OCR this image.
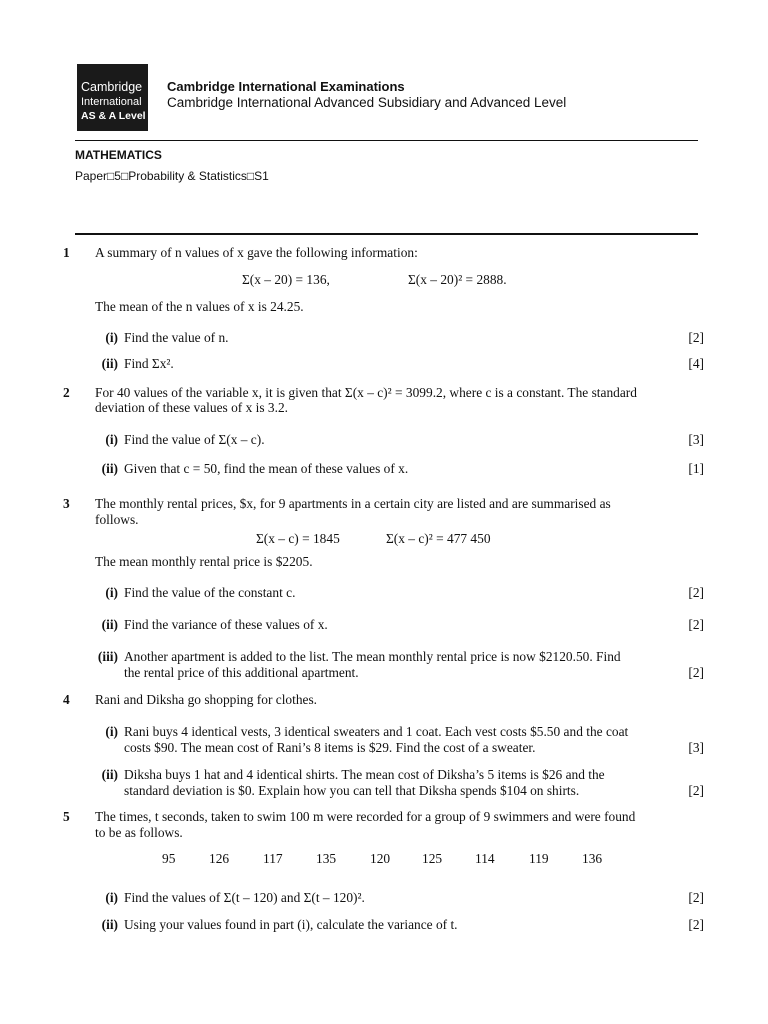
Cambridge
International
AS & A Level
Cambridge International Examinations
Cambridge International Advanced Subsidiary and Advanced Level
MATHEMATICS
Paper□5□Probability & Statistics□S1
1 A summary of n values of x gave the following information:
Σ(x – 20) = 136,	Σ(x – 20)² = 2888.
The mean of the n values of x is 24.25.
(i) Find the value of n.	[2]
(ii) Find Σx².	[4]
2 For 40 values of the variable x, it is given that Σ(x – c)² = 3099.2, where c is a constant. The standard
deviation of these values of x is 3.2.
(i) Find the value of Σ(x – c).	[3]
(ii) Given that c = 50, find the mean of these values of x.	[1]
3 The monthly rental prices, $x, for 9 apartments in a certain city are listed and are summarised as
follows.
Σ(x – c) = 1845	Σ(x – c)² = 477 450
The mean monthly rental price is $2205.
(i) Find the value of the constant c.	[2]
(ii) Find the variance of these values of x.	[2]
(iii) Another apartment is added to the list. The mean monthly rental price is now $2120.50. Find
the rental price of this additional apartment.	[2]
4 Rani and Diksha go shopping for clothes.
(i) Rani buys 4 identical vests, 3 identical sweaters and 1 coat. Each vest costs $5.50 and the coat
costs $90. The mean cost of Rani’s 8 items is $29. Find the cost of a sweater.	[3]
(ii) Diksha buys 1 hat and 4 identical shirts. The mean cost of Diksha’s 5 items is $26 and the
standard deviation is $0. Explain how you can tell that Diksha spends $104 on shirts.	[2]
5 The times, t seconds, taken to swim 100 m were recorded for a group of 9 swimmers and were found
to be as follows.
95	126	117 135	120 125 114	119 136
(i) Find the values of Σ(t – 120) and Σ(t – 120)².	[2]
(ii) Using your values found in part (i), calculate the variance of t.	[2]
